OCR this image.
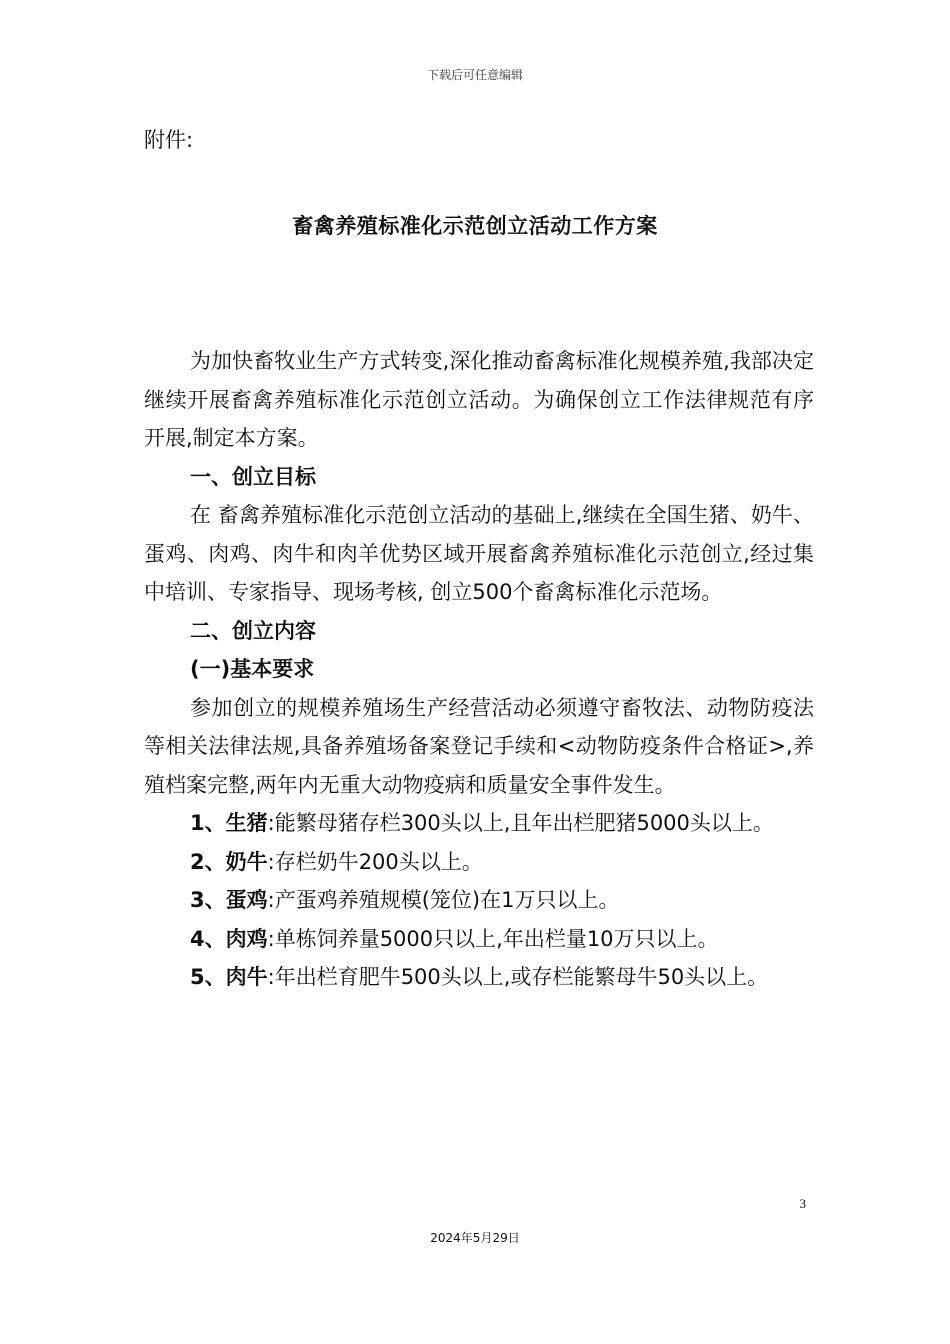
下载后可任意编辑
附件:
畜禽养殖标准化示范创立活动工作方案

为加快畜牧业生产方式转变,深化推动畜禽标准化规模养殖,我部决定继续开展畜禽养殖标准化示范创立活动。为确保创立工作法律规范有序开展,制定本方案。

一、创立目标

在 畜禽养殖标准化示范创立活动的基础上,继续在全国生猪、奶牛、蛋鸡、肉鸡、肉牛和肉羊优势区域开展畜禽养殖标准化示范创立,经过集中培训、专家指导、现场考核, 创立500个畜禽标准化示范场。

二、创立内容

(一)基本要求

参加创立的规模养殖场生产经营活动必须遵守畜牧法、动物防疫法等相关法律法规,具备养殖场备案登记手续和<动物防疫条件合格证>,养殖档案完整,两年内无重大动物疫病和质量安全事件发生。

1、生猪:能繁母猪存栏300头以上,且年出栏肥猪5000头以上。

2、奶牛:存栏奶牛200头以上。

3、蛋鸡:产蛋鸡养殖规模(笼位)在1万只以上。

4、肉鸡:单栋饲养量5000只以上,年出栏量10万只以上。

5、肉牛:年出栏育肥牛500头以上,或存栏能繁母牛50头以上。

3
2024年5月29日
